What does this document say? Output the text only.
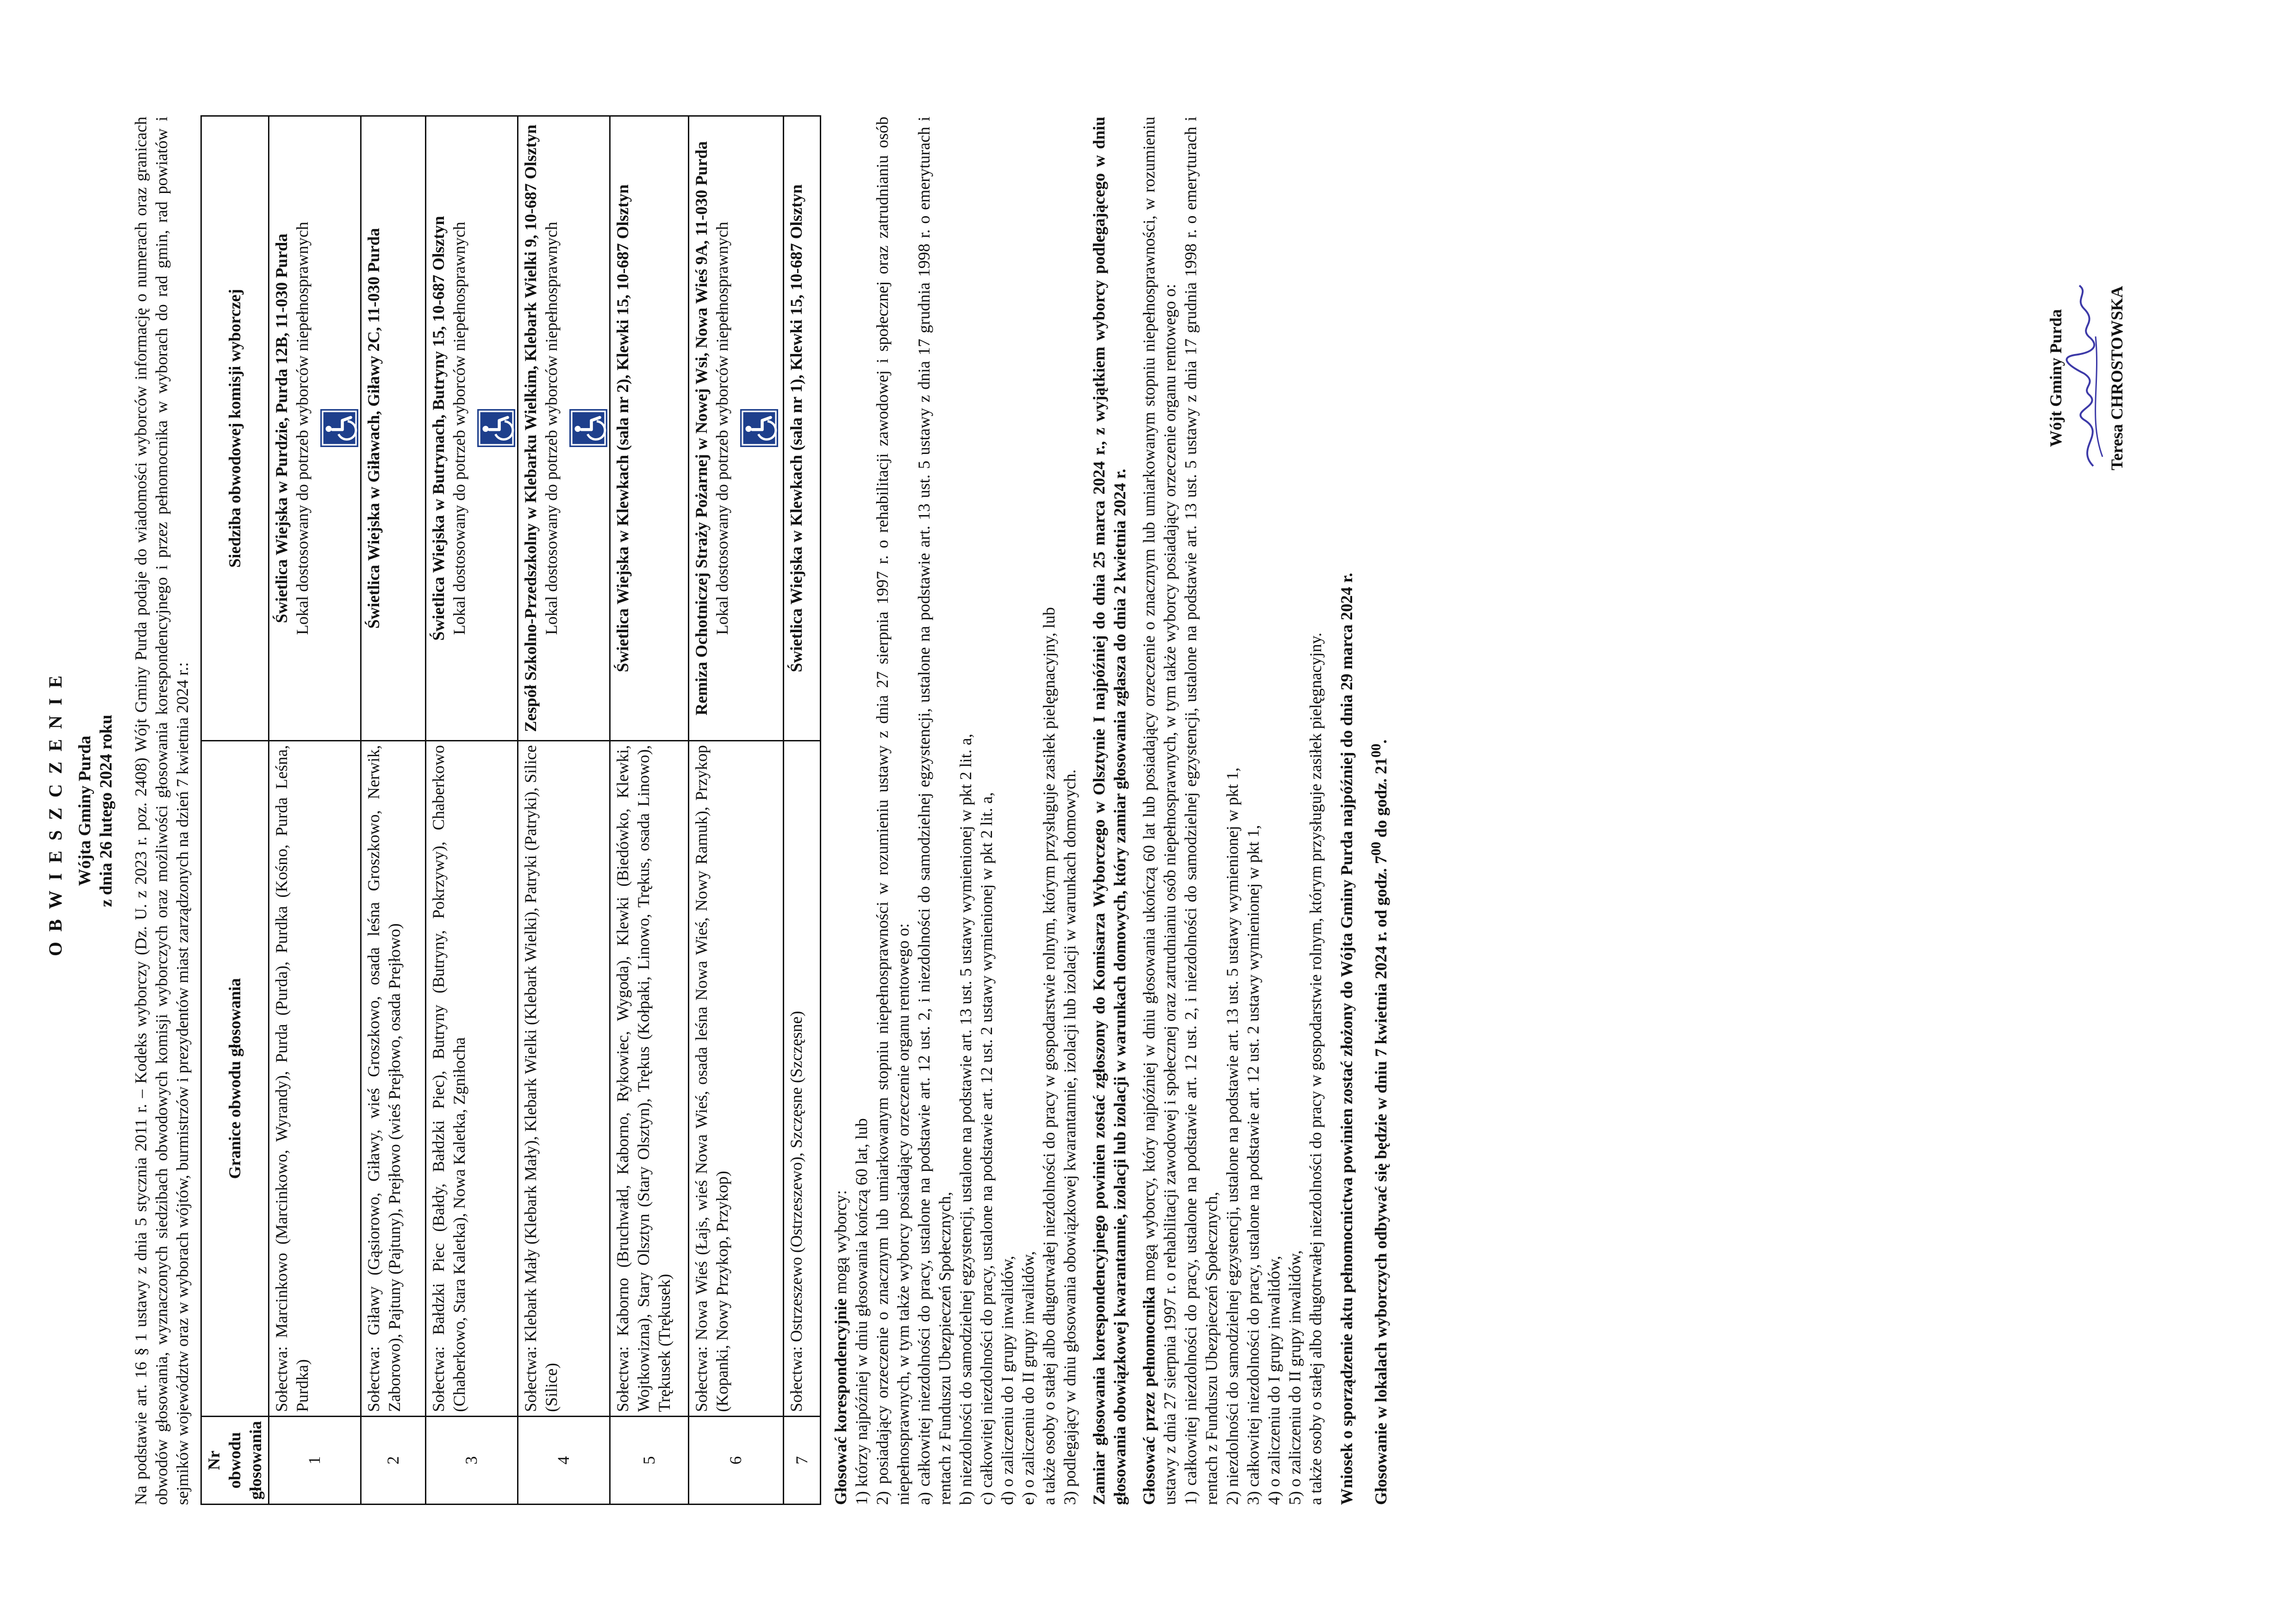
OBWIESZCZENIE Wójta Gminy Purda z dnia 26 lutego 2024 roku Na podstawie art. 16 § 1 ustawy z dnia 5 stycznia 2011 r. – Kodeks wyborczy (Dz. U. z 2023 r. poz. 2408) Wójt Gminy Purda podaje do wiadomości wyborców informację o numerach oraz granicach obwodów głosowania, wyznaczonych siedzibach obwodowych komisji wyborczych oraz możliwości głosowania korespondencyjnego i przez pełnomocnika w wyborach do rad gmin, rad powiatów i sejmików województw oraz w wyborach wójtów, burmistrzów i prezydentów miast zarządzonych na dzień 7 kwietnia 2024 r.: Nr obwodu głosowania	Granice obwodu głosowania	Siedziba obwodowej komisji wyborczej
1	Sołectwa: Marcinkowo (Marcinkowo, Wyrandy), Purda (Purda), Purdka (Kośno, Purda Leśna, Purdka)	Świetlica Wiejska w Purdzie, Purda 12B, 11-030 Purda Lokal dostosowany do potrzeb wyborców niepełnosprawnych

2	Sołectwa: Giławy (Gąsiorowo, Giławy, wieś Groszkowo, osada leśna Groszkowo, Nerwik, Zaborowo), Pajtuny (Pajtuny), Prejłowo (wieś Prejłowo, osada Prejłowo)	Świetlica Wiejska w Giławach, Giławy 2C, 11-030 Purda

3	Sołectwa: Bałdzki Piec (Bałdy, Bałdzki Piec), Butryny (Butryny, Pokrzywy), Chaberkowo (Chaberkowo, Stara Kaletka), Nowa Kaletka, Zgniłocha	Świetlica Wiejska w Butrynach, Butryny 15, 10-687 Olsztyn Lokal dostosowany do potrzeb wyborców niepełnosprawnych

4	Sołectwa: Klebark Mały (Klebark Mały), Klebark Wielki (Klebark Wielki), Patryki (Patryki), Silice (Silice)	Zespół Szkolno-Przedszkolny w Klebarku Wielkim, Klebark Wielki 9, 10-687 Olsztyn Lokal dostosowany do potrzeb wyborców niepełnosprawnych

5	Sołectwa: Kaborno (Bruchwałd, Kaborno, Rykowiec, Wygoda), Klewki (Biedówko, Klewki, Wojtkowizna), Stary Olsztyn (Stary Olsztyn), Trękus (Kołpaki, Linowo, Trękus, osada Linowo), Trękusek (Trękusek)	Świetlica Wiejska w Klewkach (sala nr 2), Klewki 15, 10-687 Olsztyn

6	Sołectwa: Nowa Wieś (Łajs, wieś Nowa Wieś, osada leśna Nowa Wieś, Nowy Ramuk), Przykop (Kopanki, Nowy Przykop, Przykop)	Remiza Ochotniczej Straży Pożarnej w Nowej Wsi, Nowa Wieś 9A, 11-030 Purda Lokal dostosowany do potrzeb wyborców niepełnosprawnych

7	Sołectwa: Ostrzeszewo (Ostrzeszewo), Szczęsne (Szczęsne)	Świetlica Wiejska w Klewkach (sala nr 1), Klewki 15, 10-687 Olsztyn

Głosować korespondencyjnie mogą wyborcy: 1) którzy najpóźniej w dniu głosowania kończą 60 lat, lub 2) posiadający orzeczenie o znacznym lub umiarkowanym stopniu niepełnosprawności w rozumieniu ustawy z dnia 27 sierpnia 1997 r. o rehabilitacji zawodowej i społecznej oraz zatrudnianiu osób niepełnosprawnych, w tym także wyborcy posiadający orzeczenie organu rentowego o: a) całkowitej niezdolności do pracy, ustalone na podstawie art. 12 ust. 2, i niezdolności do samodzielnej egzystencji, ustalone na podstawie art. 13 ust. 5 ustawy z dnia 17 grudnia 1998 r. o emeryturach i rentach z Funduszu Ubezpieczeń Społecznych, b) niezdolności do samodzielnej egzystencji, ustalone na podstawie art. 13 ust. 5 ustawy wymienionej w pkt 2 lit. a, c) całkowitej niezdolności do pracy, ustalone na podstawie art. 12 ust. 2 ustawy wymienionej w pkt 2 lit. a, d) o zaliczeniu do I grupy inwalidów, e) o zaliczeniu do II grupy inwalidów, a także osoby o stałej albo długotrwałej niezdolności do pracy w gospodarstwie rolnym, którym przysługuje zasiłek pielęgnacyjny, lub 3) podlegający w dniu głosowania obowiązkowej kwarantannie, izolacji lub izolacji w warunkach domowych. Zamiar głosowania korespondencyjnego powinien zostać zgłoszony do Komisarza Wyborczego w Olsztynie I najpóźniej do dnia 25 marca 2024 r., z wyjątkiem wyborcy podlegającego w dniu głosowania obowiązkowej kwarantannie, izolacji lub izolacji w warunkach domowych, który zamiar głosowania zgłasza do dnia 2 kwietnia 2024 r. Głosować przez pełnomocnika mogą wyborcy, który najpóźniej w dniu głosowania ukończą 60 lat lub posiadający orzeczenie o znacznym lub umiarkowanym stopniu niepełnosprawności, w rozumieniu ustawy z dnia 27 sierpnia 1997 r. o rehabilitacji zawodowej i społecznej oraz zatrudnianiu osób niepełnosprawnych, w tym także wyborcy posiadający orzeczenie organu rentowego o: 1) całkowitej niezdolności do pracy, ustalone na podstawie art. 12 ust. 2, i niezdolności do samodzielnej egzystencji, ustalone na podstawie art. 13 ust. 5 ustawy z dnia 17 grudnia 1998 r. o emeryturach i rentach z Funduszu Ubezpieczeń Społecznych, 2) niezdolności do samodzielnej egzystencji, ustalone na podstawie art. 13 ust. 5 ustawy wymienionej w pkt 1, 3) całkowitej niezdolności do pracy, ustalone na podstawie art. 12 ust. 2 ustawy wymienionej w pkt 1, 4) o zaliczeniu do I grupy inwalidów, 5) o zaliczeniu do II grupy inwalidów, a także osoby o stałej albo długotrwałej niezdolności do pracy w gospodarstwie rolnym, którym przysługuje zasiłek pielęgnacyjny. Wniosek o sporządzenie aktu pełnomocnictwa powinien zostać złożony do Wójta Gminy Purda najpóźniej do dnia 29 marca 2024 r. Głosowanie w lokalach wyborczych odbywać się będzie w dniu 7 kwietnia 2024 r. od godz. $7^{00}$ do godz. $21^{00}$.

Wójt Gminy Purda	Teresa CHROSTOWSKA
